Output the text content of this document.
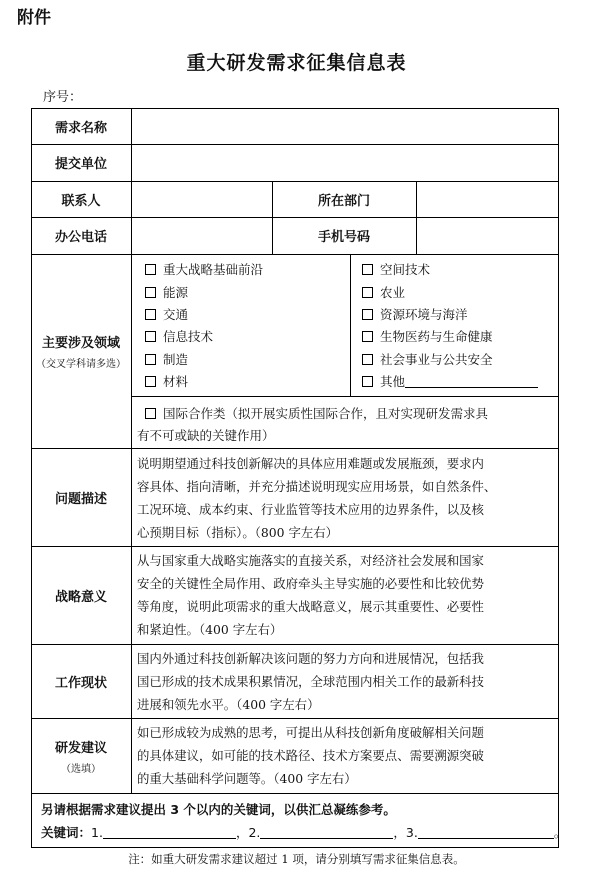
附件
重大研发需求征集信息表
序号：
需求名称
提交单位
联系人	所在部门
办公电话	手机号码
主要涉及领域
（交叉学科请多选）
重大战略基础前沿
能源
交通
信息技术
制造
材料
空间技术
农业
资源环境与海洋
生物医药与生命健康
社会事业与公共安全
其他
国际合作类（拟开展实质性国际合作，且对实现研发需求具
有不可或缺的关键作用）
问题描述
说明期望通过科技创新解决的具体应用难题或发展瓶颈，要求内
容具体、指向清晰，并充分描述说明现实应用场景，如自然条件、
工况环境、成本约束、行业监管等技术应用的边界条件，以及核
心预期目标（指标）。（800 字左右）
战略意义
从与国家重大战略实施落实的直接关系，对经济社会发展和国家
安全的关键性全局作用、政府牵头主导实施的必要性和比较优势
等角度，说明此项需求的重大战略意义，展示其重要性、必要性
和紧迫性。（400 字左右）
工作现状
国内外通过科技创新解决该问题的努力方向和进展情况，包括我
国已形成的技术成果积累情况，全球范围内相关工作的最新科技
进展和领先水平。（400 字左右）
研发建议
（选填）
如已形成较为成熟的思考，可提出从科技创新角度破解相关问题
的具体建议，如可能的技术路径、技术方案要点、需要溯源突破
的重大基础科学问题等。（400 字左右）
另请根据需求建议提出 3 个以内的关键词，以供汇总凝练参考。
关键词：1.	，2.	，3.	。
注：如重大研发需求建议超过 1 项，请分别填写需求征集信息表。
